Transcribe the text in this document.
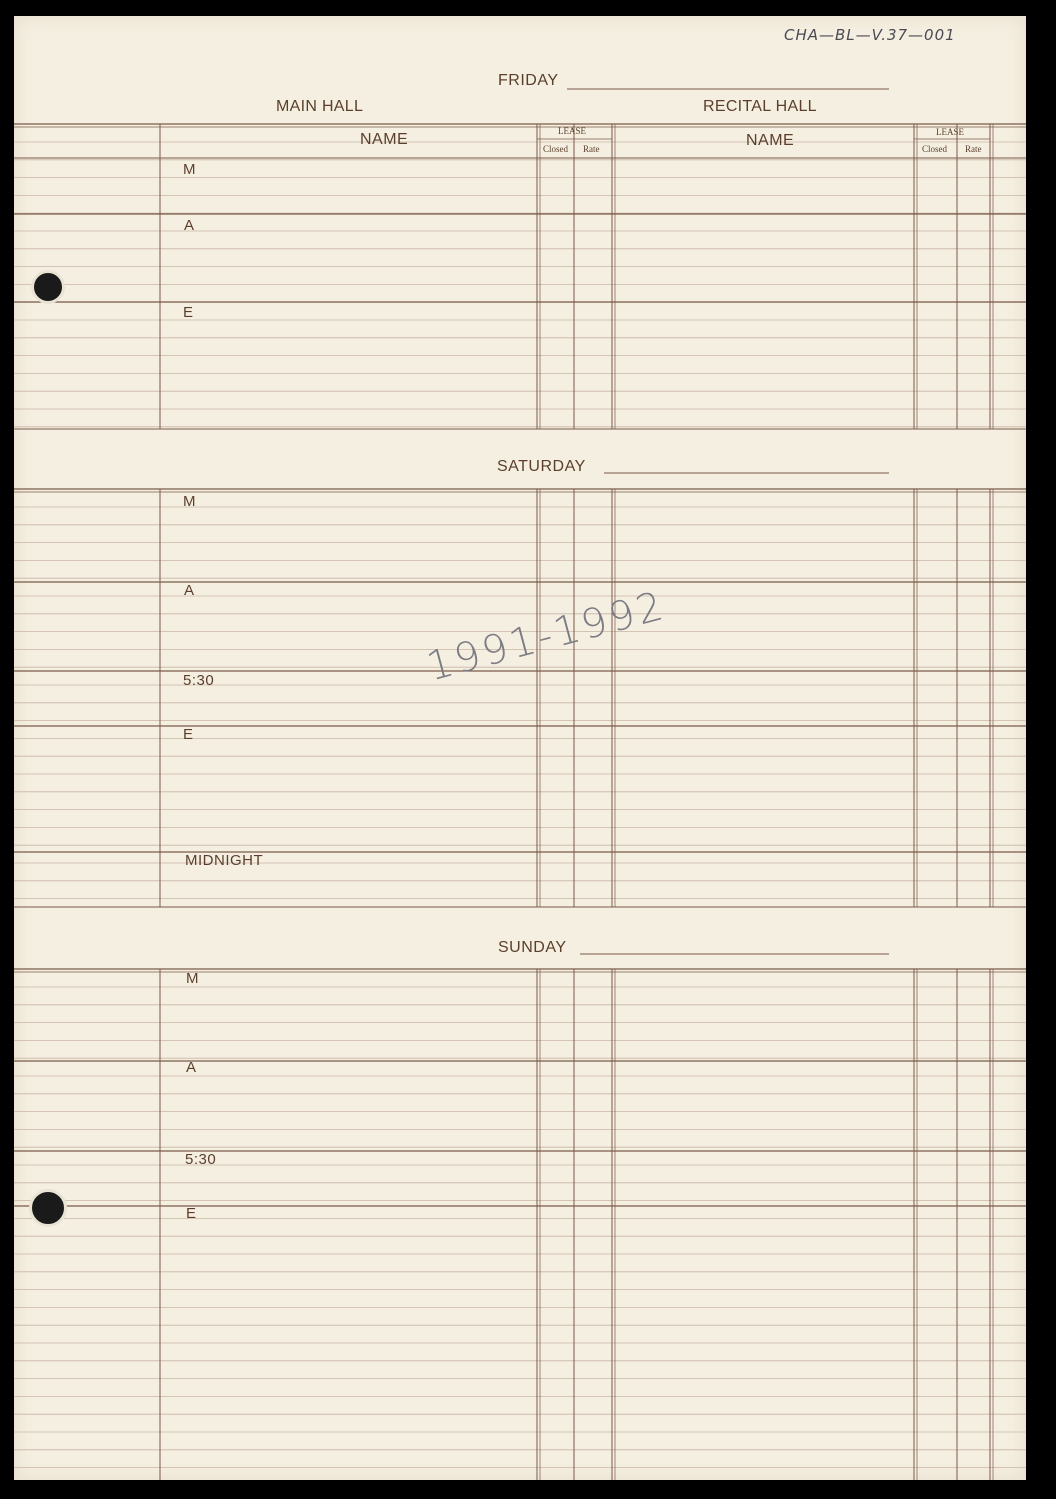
CHA—BL—V.37—001
FRIDAY
MAIN HALL	RECITAL HALL
NAME	NAME
LEASE
Closed Rate
LEASE
Closed Rate
M
A
E
SATURDAY
M
A
5:30
E
MIDNIGHT
1991-1992
SUNDAY
M
A
5:30
E
